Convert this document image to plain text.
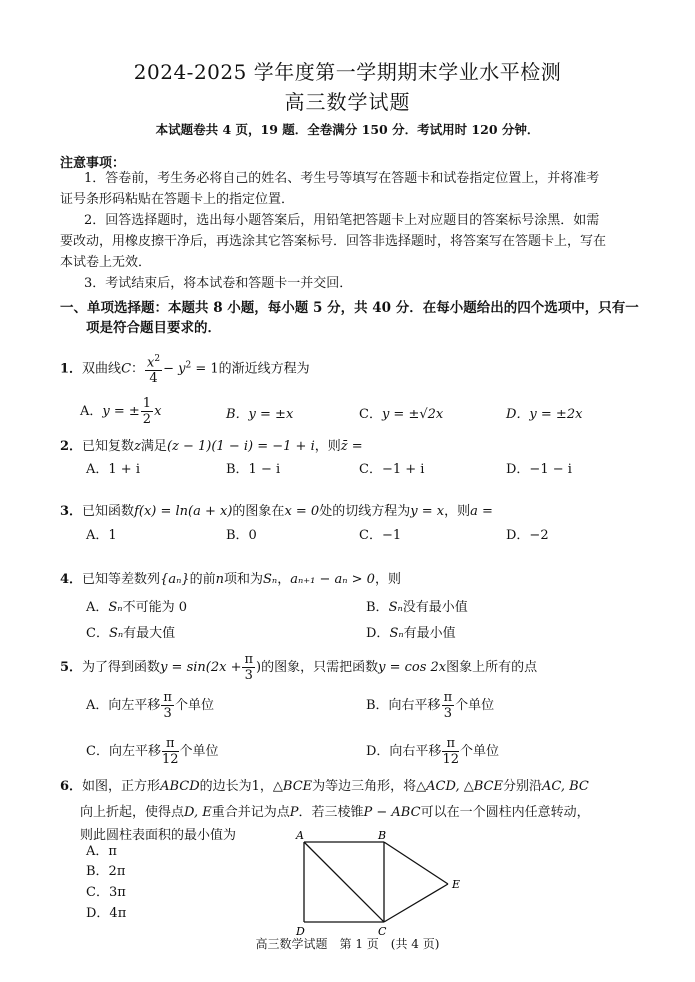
2024-2025 学年度第一学期期末学业水平检测
高三数学试题
本试题卷共 4 页，19 题．全卷满分 150 分．考试用时 120 分钟．
注意事项：
1．答卷前，考生务必将自己的姓名、考生号等填写在答题卡和试卷指定位置上，并将准考
证号条形码粘贴在答题卡上的指定位置．
2．回答选择题时，选出每小题答案后，用铅笔把答题卡上对应题目的答案标号涂黑．如需
要改动，用橡皮擦干净后，再选涂其它答案标号．回答非选择题时，将答案写在答题卡上，写在
本试卷上无效．
3．考试结束后，将本试卷和答题卡一并交回．
一、单项选择题：本题共 8 小题，每小题 5 分，共 40 分．在每小题给出的四个选项中，只有一
项是符合题目要求的．
1．双曲线C： $\frac{x^2}{4} - y^2 = 1$的渐近线方程为
A．y = ± $\frac{1}{2}$ x	B．y = ±x	C．y = ±√2x	D．y = ±2x
2．已知复数z满足(z − 1)(1 − i) = −1 + i，则z̄ =
A．1 + i	B．1 − i	C．−1 + i	D．−1 − i
3．已知函数f(x) = ln(a + x)的图象在x = 0处的切线方程为y = x，则a =
A．1	B．0	C．−1	D．−2
4．已知等差数列{aₙ}的前n项和为Sₙ，aₙ₊₁ − aₙ > 0，则
A．Sₙ不可能为 0	B．Sₙ没有最小值
C．Sₙ有最大值	D．Sₙ有最小值
5．为了得到函数$y = \sin(2x + \frac{\pi}{3}$ )的图象，只需把函数y = cos 2x图象上所有的点
A．向左平移 $\frac{\pi}{3}$ 个单位	B．向右平移 $\frac{\pi}{3}$ 个单位
C．向左平移 $\frac{\pi}{12}$ 个单位	D．向右平移 $\frac{\pi}{12}$ 个单位
6．如图，正方形ABCD的边长为1，△BCE为等边三角形，将△ACD, △BCE分别沿AC, BC
向上折起，使得点D, E重合并记为点P．若三棱锥P − ABC可以在一个圆柱内任意转动，
则此圆柱表面积的最小值为
A．π
B．2π
C．3π
D．4π
A	B
C
D
E
高三数学试题　第 1 页　(共 4 页)
